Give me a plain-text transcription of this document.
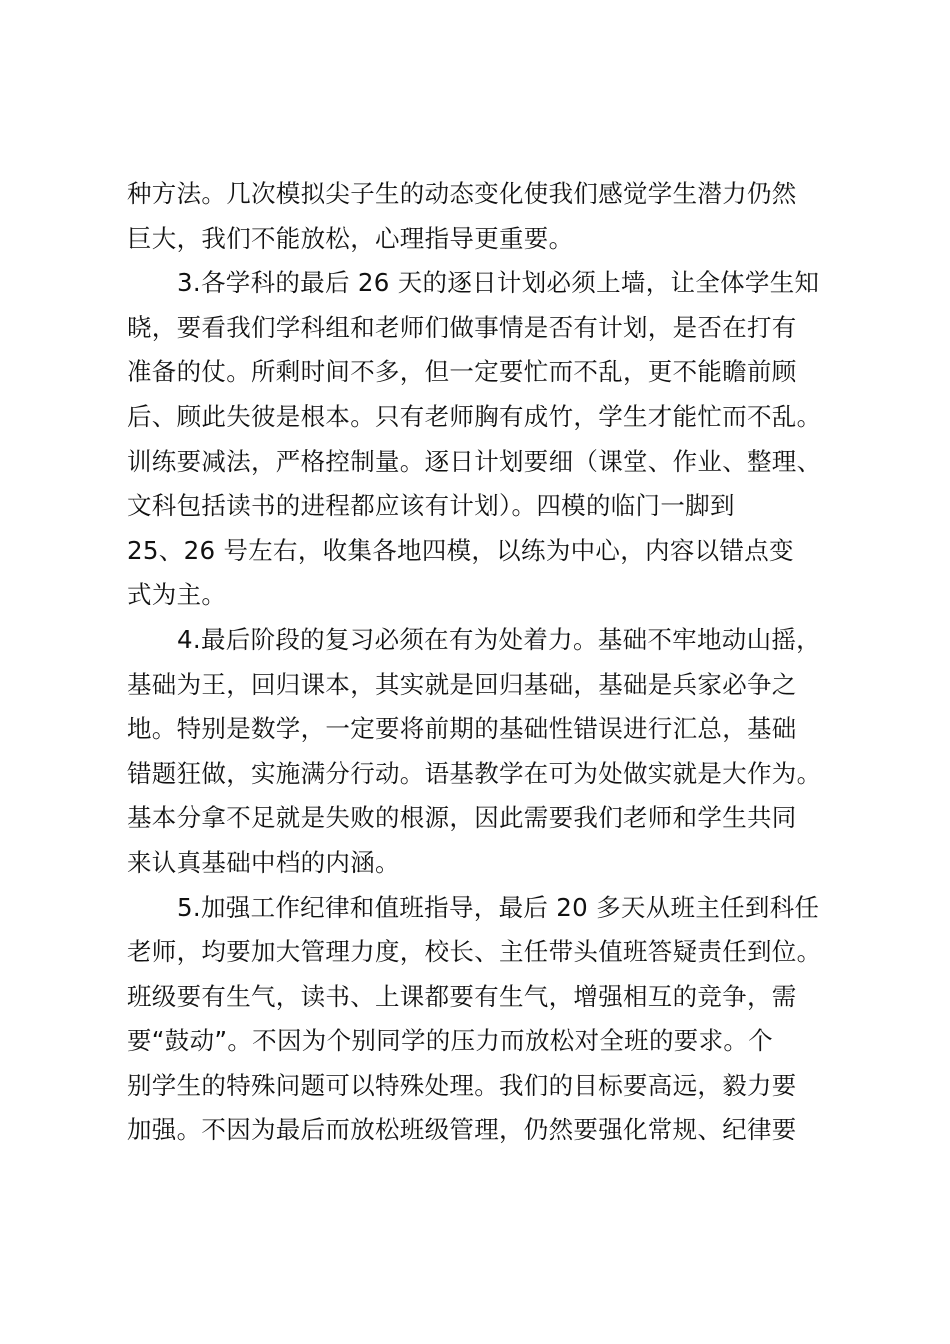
种方法。几次模拟尖子生的动态变化使我们感觉学生潜力仍然
巨大，我们不能放松，心理指导更重要。
3.各学科的最后 26 天的逐日计划必须上墙，让全体学生知
晓，要看我们学科组和老师们做事情是否有计划，是否在打有
准备的仗。所剩时间不多，但一定要忙而不乱，更不能瞻前顾
后、顾此失彼是根本。只有老师胸有成竹，学生才能忙而不乱。
训练要减法，严格控制量。逐日计划要细（课堂、作业、整理、
文科包括读书的进程都应该有计划）。四模的临门一脚到
25、26 号左右，收集各地四模，以练为中心，内容以错点变
式为主。
4.最后阶段的复习必须在有为处着力。基础不牢地动山摇，
基础为王，回归课本，其实就是回归基础，基础是兵家必争之
地。特别是数学，一定要将前期的基础性错误进行汇总，基础
错题狂做，实施满分行动。语基教学在可为处做实就是大作为。
基本分拿不足就是失败的根源，因此需要我们老师和学生共同
来认真基础中档的内涵。
5.加强工作纪律和值班指导，最后 20 多天从班主任到科任
老师，均要加大管理力度，校长、主任带头值班答疑责任到位。
班级要有生气，读书、上课都要有生气，增强相互的竞争，需
要“鼓动”。不因为个别同学的压力而放松对全班的要求。个
别学生的特殊问题可以特殊处理。我们的目标要高远，毅力要
加强。不因为最后而放松班级管理，仍然要强化常规、纪律要
